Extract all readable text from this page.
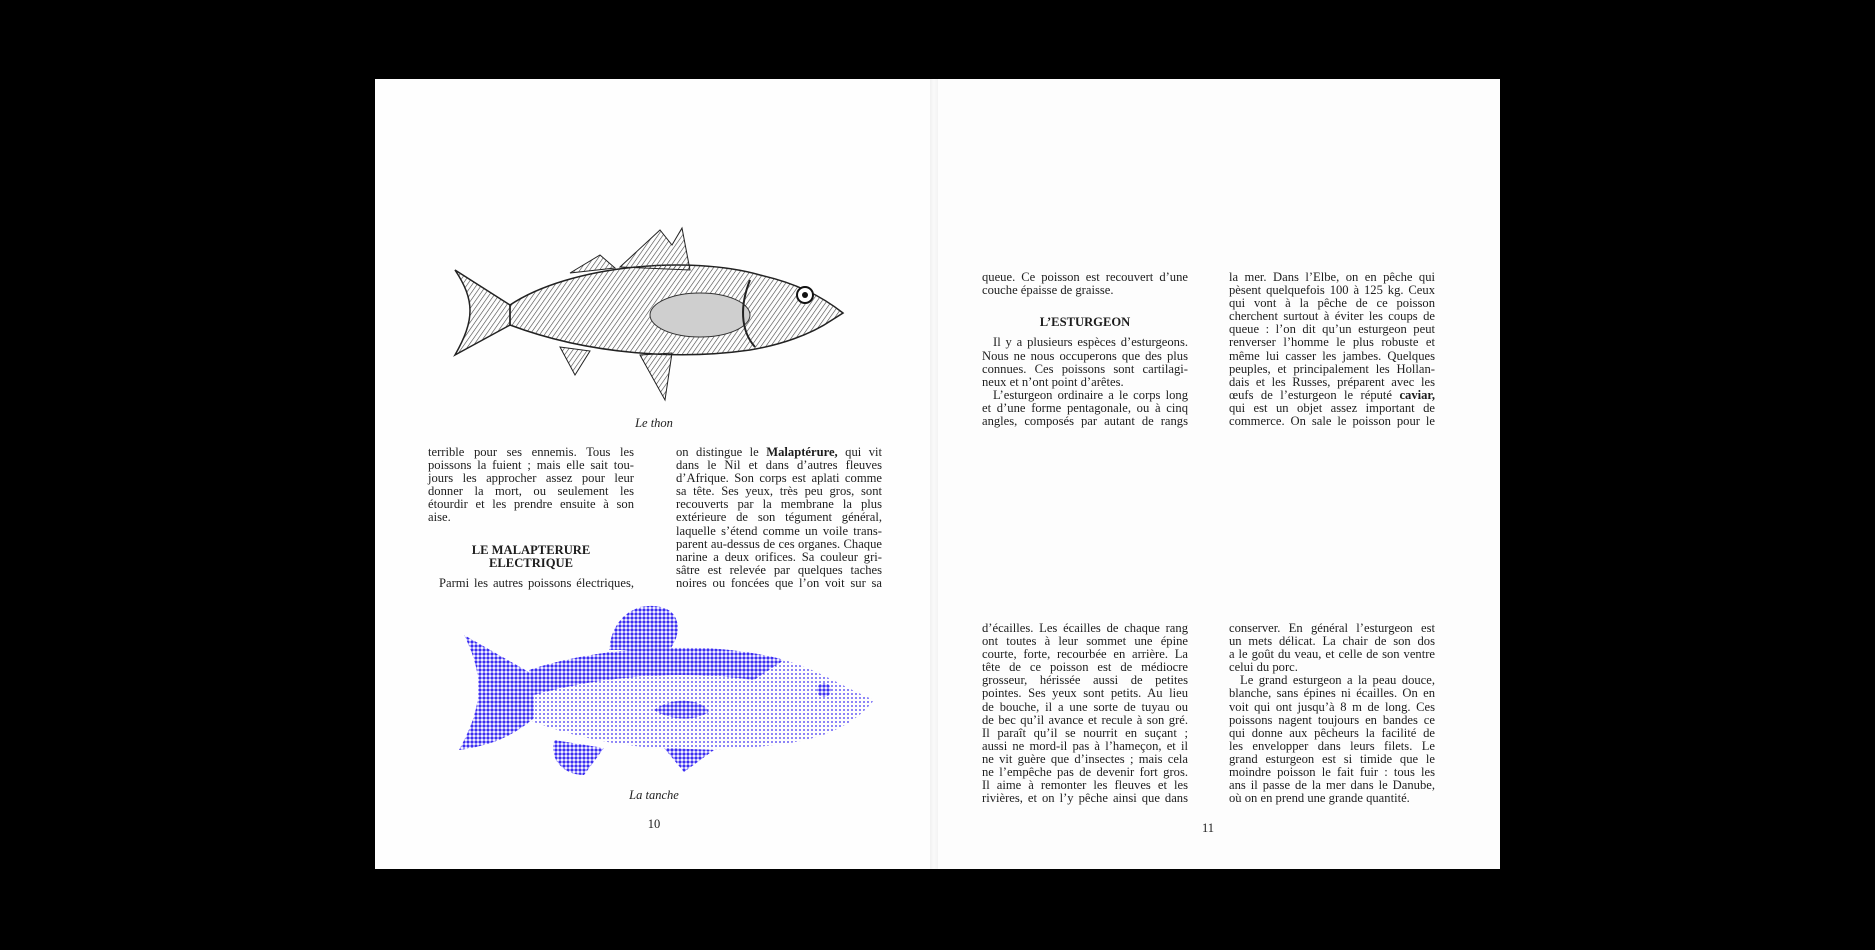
Le thon
terrible pour ses ennemis. Tous les
poissons la fuient ; mais elle sait tou-
jours les approcher assez pour leur
donner la mort, ou seulement les
étourdir et les prendre ensuite à son
aise.
LE MALAPTERURE
ELECTRIQUE
Parmi les autres poissons électriques,
on distingue le Malaptérure, qui vit
dans le Nil et dans d’autres fleuves
d’Afrique. Son corps est aplati comme
sa tête. Ses yeux, très peu gros, sont
recouverts par la membrane la plus
extérieure de son tégument général,
laquelle s’étend comme un voile trans-
parent au-dessus de ces organes. Chaque
narine a deux orifices. Sa couleur gri-
sâtre est relevée par quelques taches
noires ou foncées que l’on voit sur sa
La tanche
10
queue. Ce poisson est recouvert d’une
couche épaisse de graisse.
L’ESTURGEON
Il y a plusieurs espèces d’esturgeons.
Nous ne nous occuperons que des plus
connues. Ces poissons sont cartilagi-
neux et n’ont point d’arêtes.
L’esturgeon ordinaire a le corps long
et d’une forme pentagonale, ou à cinq
angles, composés par autant de rangs
la mer. Dans l’Elbe, on en pêche qui
pèsent quelquefois 100 à 125 kg. Ceux
qui vont à la pêche de ce poisson
cherchent surtout à éviter les coups de
queue : l’on dit qu’un esturgeon peut
renverser l’homme le plus robuste et
même lui casser les jambes. Quelques
peuples, et principalement les Hollan-
dais et les Russes, préparent avec les
œufs de l’esturgeon le réputé caviar,
qui est un objet assez important de
commerce. On sale le poisson pour le
d’écailles. Les écailles de chaque rang
ont toutes à leur sommet une épine
courte, forte, recourbée en arrière. La
tête de ce poisson est de médiocre
grosseur, hérissée aussi de petites
pointes. Ses yeux sont petits. Au lieu
de bouche, il a une sorte de tuyau ou
de bec qu’il avance et recule à son gré.
Il paraît qu’il se nourrit en suçant ;
aussi ne mord-il pas à l’hameçon, et il
ne vit guère que d’insectes ; mais cela
ne l’empêche pas de devenir fort gros.
Il aime à remonter les fleuves et les
rivières, et on l’y pêche ainsi que dans
conserver. En général l’esturgeon est
un mets délicat. La chair de son dos
a le goût du veau, et celle de son ventre
celui du porc.
Le grand esturgeon a la peau douce,
blanche, sans épines ni écailles. On en
voit qui ont jusqu’à 8 m de long. Ces
poissons nagent toujours en bandes ce
qui donne aux pêcheurs la facilité de
les envelopper dans leurs filets. Le
grand esturgeon est si timide que le
moindre poisson le fait fuir : tous les
ans il passe de la mer dans le Danube,
où on en prend une grande quantité.
11
